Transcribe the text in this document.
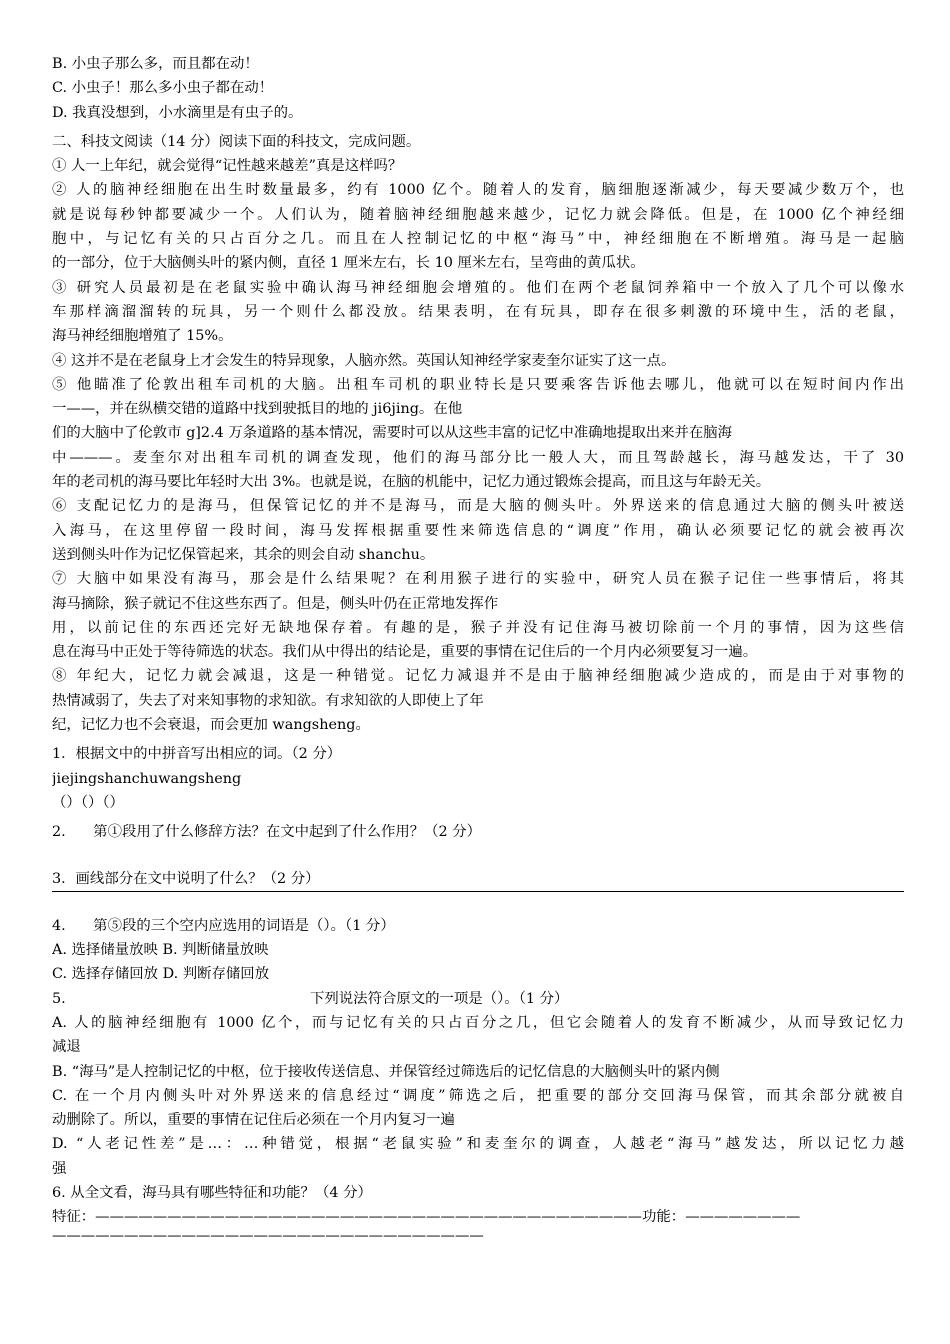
B. 小虫子那么多，而且都在动！
C. 小虫子！那么多小虫子都在动！
D. 我真没想到，小水滴里是有虫子的。
二、科技文阅读（14 分）阅读下面的科技文，完成问题。
① 人一上年纪，就会觉得“记性越来越差”真是这样吗？
② 人的脑神经细胞在出生时数量最多，约有 1000 亿个。随着人的发育，脑细胞逐渐减少，每天要减少数万个，也
就是说每秒钟都要减少一个。人们认为，随着脑神经细胞越来越少，记忆力就会降低。但是，在 1000 亿个神经细
胞中，与记忆有关的只占百分之几。而且在人控制记忆的中枢“海马”中，神经细胞在不断增殖。海马是一起脑
的一部分，位于大脑侧头叶的紧内侧，直径 1 厘米左右，长 10 厘米左右，呈弯曲的黄瓜状。
③ 研究人员最初是在老鼠实验中确认海马神经细胞会增殖的。他们在两个老鼠饲养箱中一个放入了几个可以像水
车那样滴溜溜转的玩具，另一个则什么都没放。结果表明，在有玩具，即存在很多刺激的环境中生，活的老鼠，
海马神经细胞增殖了 15%。
④ 这并不是在老鼠身上才会发生的特异现象，人脑亦然。英国认知神经学家麦奎尔证实了这一点。
⑤ 他瞄准了伦敦出租车司机的大脑。出租车司机的职业特长是只要乘客告诉他去哪儿，他就可以在短时间内作出
一——，并在纵横交错的道路中找到驶抵目的地的 ji6jing。在他
们的大脑中了伦敦市 g]2.4 万条道路的基本情况，需要时可以从这些丰富的记忆中准确地提取出来并在脑海
中———。麦奎尔对出租车司机的调查发现，他们的海马部分比一般人大，而且驾龄越长，海马越发达，干了 30
年的老司机的海马要比年轻时大出 3%。也就是说，在脑的机能中，记忆力通过锻炼会提高，而且这与年龄无关。
⑥ 支配记忆力的是海马，但保管记忆的并不是海马，而是大脑的侧头叶。外界送来的信息通过大脑的侧头叶被送
入海马，在这里停留一段时间，海马发挥根据重要性来筛选信息的“调度”作用，确认必须要记忆的就会被再次
送到侧头叶作为记忆保管起来，其余的则会自动 shanchu。
⑦ 大脑中如果没有海马，那会是什么结果呢？在利用猴子进行的实验中，研究人员在猴子记住一些事情后，将其
海马摘除，猴子就记不住这些东西了。但是，侧头叶仍在正常地发挥作
用，以前记住的东西还完好无缺地保存着。有趣的是，猴子并没有记住海马被切除前一个月的事情，因为这些信
息在海马中正处于等待筛选的状态。我们从中得出的结论是，重要的事情在记住后的一个月内必须要复习一遍。
⑧ 年纪大，记忆力就会减退，这是一种错觉。记忆力减退并不是由于脑神经细胞减少造成的，而是由于对事物的
热情减弱了，失去了对来知事物的求知欲。有求知欲的人即使上了年
纪，记忆力也不会衰退，而会更加 wangsheng。
1．根据文中的中拼音写出相应的词。（2 分）
jiejingshanchuwangsheng
（）（）（）
2.      第①段用了什么修辞方法？在文中起到了什么作用？（2 分）
3．画线部分在文中说明了什么？（2 分）
4.      第⑤段的三个空内应选用的词语是（）。（1 分）
A. 选择储量放映 B. 判断储量放映
C. 选择存储回放 D. 判断存储回放
5.	下列说法符合原文的一项是（）。（1 分）
A. 人的脑神经细胞有 1000 亿个，而与记忆有关的只占百分之几，但它会随着人的发育不断减少，从而导致记忆力
减退
B. “海马”是人控制记忆的中枢，位于接收传送信息、并保管经过筛选后的记忆信息的大脑侧头叶的紧内侧
C. 在一个月内侧头叶对外界送来的信息经过“调度”筛选之后，把重要的部分交回海马保管，而其余部分就被自
动删除了。所以，重要的事情在记住后必须在一个月内复习一遍
D. “人老记性差”是…：…种错觉，根据“老鼠实验”和麦奎尔的调查，人越老“海马”越发达，所以记忆力越
强
6. 从全文看，海马具有哪些特征和功能？（4 分）
特征：——————————————————————————————————————功能：————————
——————————————————————————————
